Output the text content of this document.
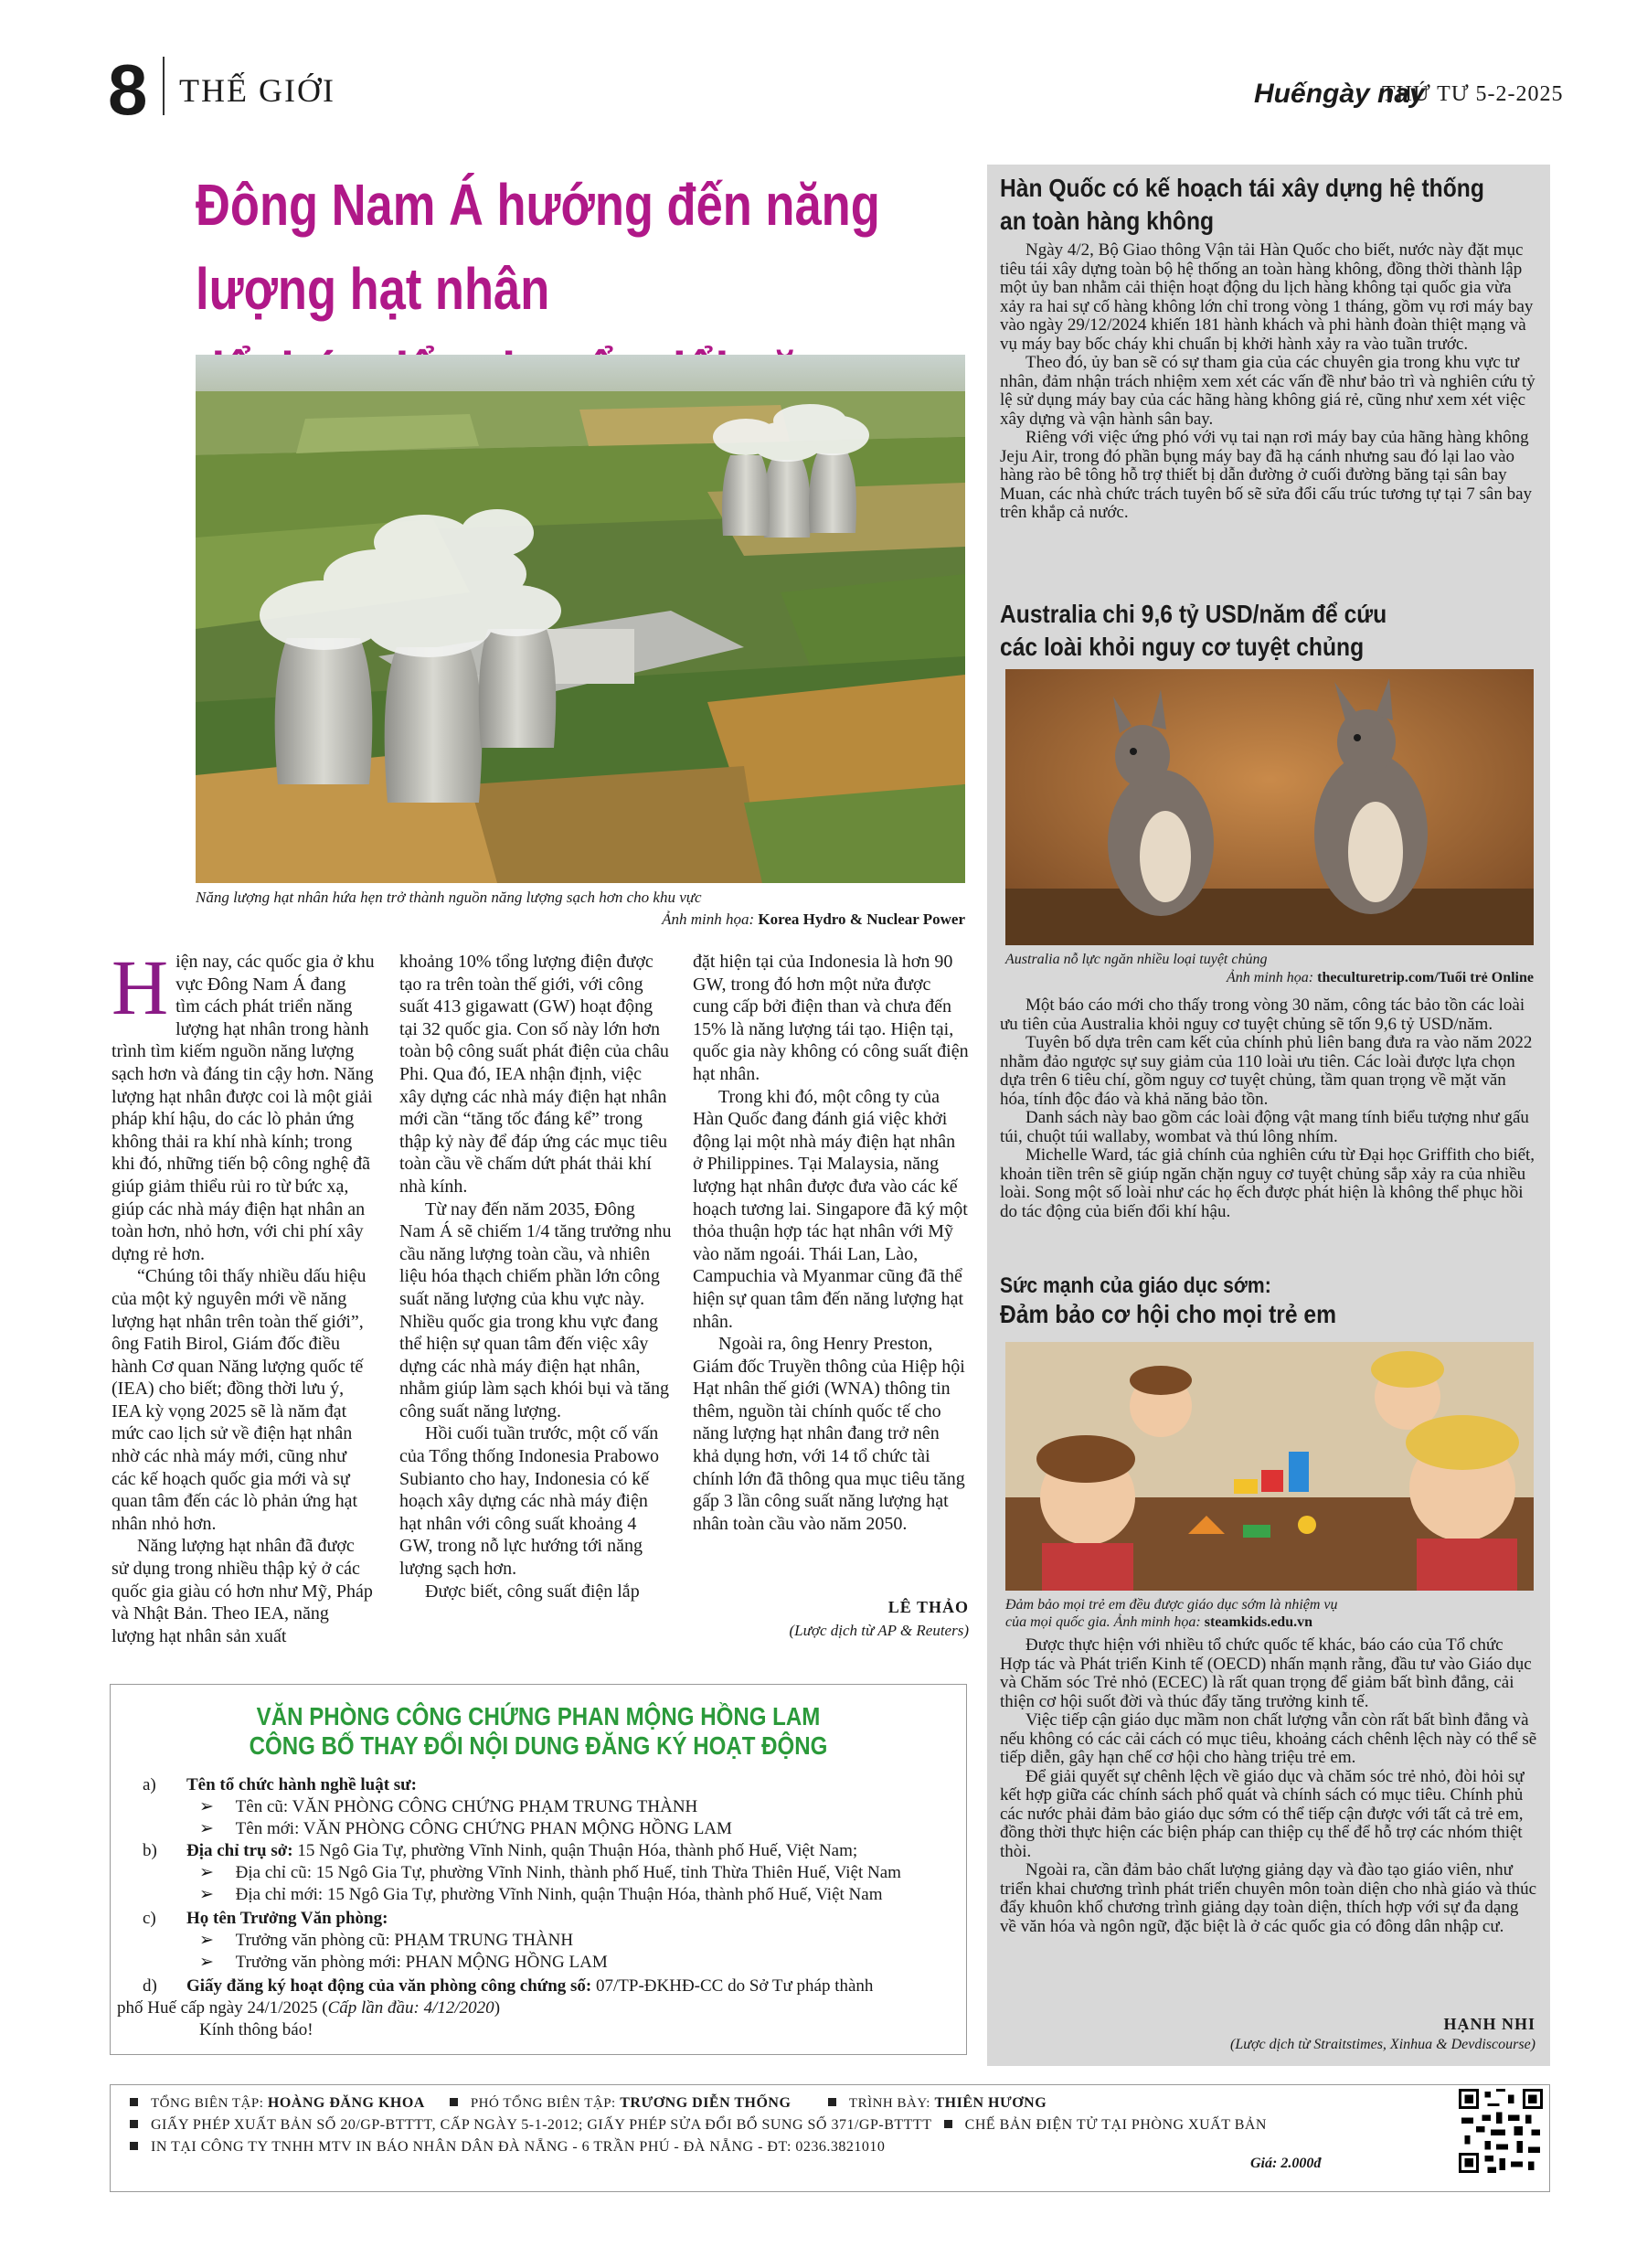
8 THẾ GIỚI	Huếngày nay
THỨ TƯ 5-2-2025
Đông Nam Á hướng đến năng lượng hạt nhân
Năng lượng hạt nhân hứa hẹn trở thành nguồn năng lượng sạch hơn cho khu vực
Ảnh minh họa: Korea Hydro & Nuclear Power

Hiện nay, các quốc gia ở khu vực Đông Nam Á đang tìm cách phát triển năng lượng hạt nhân trong hành trình tìm kiếm nguồn năng lượng sạch hơn và đáng tin cậy hơn. Năng lượng hạt nhân được coi là một giải pháp khí hậu, do các lò phản ứng không thải ra khí nhà kính; trong khi đó, những tiến bộ công nghệ đã giúp giảm thiểu rủi ro từ bức xạ, giúp các nhà máy điện hạt nhân an toàn hơn, nhỏ hơn, với chi phí xây dựng rẻ hơn.

“Chúng tôi thấy nhiều dấu hiệu của một kỷ nguyên mới về năng lượng hạt nhân trên toàn thế giới”, ông Fatih Birol, Giám đốc điều hành Cơ quan Năng lượng quốc tế (IEA) cho biết; đồng thời lưu ý, IEA kỳ vọng 2025 sẽ là năm đạt mức cao lịch sử về điện hạt nhân nhờ các nhà máy mới, cũng như các kế hoạch quốc gia mới và sự quan tâm đến các lò phản ứng hạt nhân nhỏ hơn.

Năng lượng hạt nhân đã được sử dụng trong nhiều thập kỷ ở các quốc gia giàu có hơn như Mỹ, Pháp và Nhật Bản. Theo IEA, năng lượng hạt nhân sản xuất

khoảng 10% tổng lượng điện được tạo ra trên toàn thế giới, với công suất 413 gigawatt (GW) hoạt động tại 32 quốc gia. Con số này lớn hơn toàn bộ công suất phát điện của châu Phi. Qua đó, IEA nhận định, việc xây dựng các nhà máy điện hạt nhân mới cần “tăng tốc đáng kể” trong thập kỷ này để đáp ứng các mục tiêu toàn cầu về chấm dứt phát thải khí nhà kính.

Từ nay đến năm 2035, Đông Nam Á sẽ chiếm 1/4 tăng trưởng nhu cầu năng lượng toàn cầu, và nhiên liệu hóa thạch chiếm phần lớn công suất năng lượng của khu vực này. Nhiều quốc gia trong khu vực đang thể hiện sự quan tâm đến việc xây dựng các nhà máy điện hạt nhân, nhằm giúp làm sạch khói bụi và tăng công suất năng lượng.

Hồi cuối tuần trước, một cố vấn của Tổng thống Indonesia Prabowo Subianto cho hay, Indonesia có kế hoạch xây dựng các nhà máy điện hạt nhân với công suất khoảng 4 GW, trong nỗ lực hướng tới năng lượng sạch hơn.

Được biết, công suất điện lắp

đặt hiện tại của Indonesia là hơn 90 GW, trong đó hơn một nửa được cung cấp bởi điện than và chưa đến 15% là năng lượng tái tạo. Hiện tại, quốc gia này không có công suất điện hạt nhân.

Trong khi đó, một công ty của Hàn Quốc đang đánh giá việc khởi động lại một nhà máy điện hạt nhân ở Philippines. Tại Malaysia, năng lượng hạt nhân được đưa vào các kế hoạch tương lai. Singapore đã ký một thỏa thuận hợp tác hạt nhân với Mỹ vào năm ngoái. Thái Lan, Lào, Campuchia và Myanmar cũng đã thể hiện sự quan tâm đến năng lượng hạt nhân.

Ngoài ra, ông Henry Preston, Giám đốc Truyền thông của Hiệp hội Hạt nhân thế giới (WNA) thông tin thêm, nguồn tài chính quốc tế cho năng lượng hạt nhân đang trở nên khả dụng hơn, với 14 tổ chức tài chính lớn đã thông qua mục tiêu tăng gấp 3 lần công suất năng lượng hạt nhân toàn cầu vào năm 2050.

LÊ THẢO
(Lược dịch từ AP & Reuters)
VĂN PHÒNG CÔNG CHỨNG PHAN MỘNG HỒNG LAM
CÔNG BỐ THAY ĐỔI NỘI DUNG ĐĂNG KÝ HOẠT ĐỘNG
a) Tên tổ chức hành nghề luật sư:
➢     Tên cũ: VĂN PHÒNG CÔNG CHỨNG PHẠM TRUNG THÀNH
➢     Tên mới: VĂN PHÒNG CÔNG CHỨNG PHAN MỘNG HỒNG LAM
b) Địa chỉ trụ sở: 15 Ngô Gia Tự, phường Vĩnh Ninh, quận Thuận Hóa, thành phố Huế, Việt Nam;
➢     Địa chỉ cũ: 15 Ngô Gia Tự, phường Vĩnh Ninh, thành phố Huế, tỉnh Thừa Thiên Huế, Việt Nam
➢     Địa chỉ mới: 15 Ngô Gia Tự, phường Vĩnh Ninh, quận Thuận Hóa, thành phố Huế, Việt Nam
c) Họ tên Trưởng Văn phòng:
➢     Trưởng văn phòng cũ: PHẠM TRUNG THÀNH
➢     Trưởng văn phòng mới: PHAN MỘNG HỒNG LAM
d) Giấy đăng ký hoạt động của văn phòng công chứng số: 07/TP-ĐKHĐ-CC do Sở Tư pháp thành
phố Huế cấp ngày 24/1/2025 (Cấp lần đầu: 4/12/2020)
Kính thông báo!
Hàn Quốc có kế hoạch tái xây dựng hệ thống
an toàn hàng không

Ngày 4/2, Bộ Giao thông Vận tải Hàn Quốc cho biết, nước này đặt mục tiêu tái xây dựng toàn bộ hệ thống an toàn hàng không, đồng thời thành lập một ủy ban nhằm cải thiện hoạt động du lịch hàng không tại quốc gia vừa xảy ra hai sự cố hàng không lớn chỉ trong vòng 1 tháng, gồm vụ rơi máy bay vào ngày 29/12/2024 khiến 181 hành khách và phi hành đoàn thiệt mạng và vụ máy bay bốc cháy khi chuẩn bị khởi hành xảy ra vào tuần trước.

Theo đó, ủy ban sẽ có sự tham gia của các chuyên gia trong khu vực tư nhân, đảm nhận trách nhiệm xem xét các vấn đề như bảo trì và nghiên cứu tỷ lệ sử dụng máy bay của các hãng hàng không giá rẻ, cũng như xem xét việc xây dựng và vận hành sân bay.

Riêng với việc ứng phó với vụ tai nạn rơi máy bay của hãng hàng không Jeju Air, trong đó phần bụng máy bay đã hạ cánh nhưng sau đó lại lao vào hàng rào bê tông hỗ trợ thiết bị dẫn đường ở cuối đường băng tại sân bay Muan, các nhà chức trách tuyên bố sẽ sửa đổi cấu trúc tương tự tại 7 sân bay trên khắp cả nước.

Australia chi 9,6 tỷ USD/năm để cứu
các loài khỏi nguy cơ tuyệt chủng
Australia nỗ lực ngăn nhiều loại tuyệt chủng
Ảnh minh họa: theculturetrip.com/Tuổi trẻ Online

Một báo cáo mới cho thấy trong vòng 30 năm, công tác bảo tồn các loài ưu tiên của Australia khỏi nguy cơ tuyệt chủng sẽ tốn 9,6 tỷ USD/năm.

Tuyên bố dựa trên cam kết của chính phủ liên bang đưa ra vào năm 2022 nhằm đảo ngược sự suy giảm của 110 loài ưu tiên. Các loài được lựa chọn dựa trên 6 tiêu chí, gồm nguy cơ tuyệt chủng, tầm quan trọng về mặt văn hóa, tính độc đáo và khả năng bảo tồn.

Danh sách này bao gồm các loài động vật mang tính biểu tượng như gấu túi, chuột túi wallaby, wombat và thú lông nhím.

Michelle Ward, tác giả chính của nghiên cứu từ Đại học Griffith cho biết, khoản tiền trên sẽ giúp ngăn chặn nguy cơ tuyệt chủng sắp xảy ra của nhiều loài. Song một số loài như các họ ếch được phát hiện là không thể phục hồi do tác động của biến đổi khí hậu.

Sức mạnh của giáo dục sớm:
Đảm bảo cơ hội cho mọi trẻ em
Đảm bảo mọi trẻ em đều được giáo dục sớm là nhiệm vụ
của mọi quốc gia. Ảnh minh họa: steamkids.edu.vn

Được thực hiện với nhiều tổ chức quốc tế khác, báo cáo của Tổ chức Hợp tác và Phát triển Kinh tế (OECD) nhấn mạnh rằng, đầu tư vào Giáo dục và Chăm sóc Trẻ nhỏ (ECEC) là rất quan trọng để giảm bất bình đẳng, cải thiện cơ hội suốt đời và thúc đẩy tăng trưởng kinh tế.

Việc tiếp cận giáo dục mầm non chất lượng vẫn còn rất bất bình đẳng và nếu không có các cải cách có mục tiêu, khoảng cách chênh lệch này có thể sẽ tiếp diễn, gây hạn chế cơ hội cho hàng triệu trẻ em.

Để giải quyết sự chênh lệch về giáo dục và chăm sóc trẻ nhỏ, đòi hỏi sự kết hợp giữa các chính sách phổ quát và chính sách có mục tiêu. Chính phủ các nước phải đảm bảo giáo dục sớm có thể tiếp cận được với tất cả trẻ em, đồng thời thực hiện các biện pháp can thiệp cụ thể để hỗ trợ các nhóm thiệt thòi.

Ngoài ra, cần đảm bảo chất lượng giảng dạy và đào tạo giáo viên, như triển khai chương trình phát triển chuyên môn toàn diện cho nhà giáo và thúc đẩy khuôn khổ chương trình giảng dạy toàn diện, thích hợp với sự đa dạng về văn hóa và ngôn ngữ, đặc biệt là ở các quốc gia có đông dân nhập cư.

HẠNH NHI
(Lược dịch từ Straitstimes, Xinhua & Devdiscourse)
TỔNG BIÊN TẬP: HOÀNG ĐĂNG KHOA	PHÓ TỔNG BIÊN TẬP: TRƯƠNG DIỄN THỐNG	TRÌNH BÀY: THIÊN HƯƠNG
GIẤY PHÉP XUẤT BẢN SỐ 20/GP-BTTTT, CẤP NGÀY 5-1-2012; GIẤY PHÉP SỬA ĐỔI BỔ SUNG SỐ 371/GP-BTTTT CHẾ BẢN ĐIỆN TỬ TẠI PHÒNG XUẤT BẢN
IN TẠI CÔNG TY TNHH MTV IN BÁO NHÂN DÂN ĐÀ NẴNG - 6 TRẦN PHÚ - ĐÀ NẴNG - ĐT: 0236.3821010
Giá: 2.000đ
